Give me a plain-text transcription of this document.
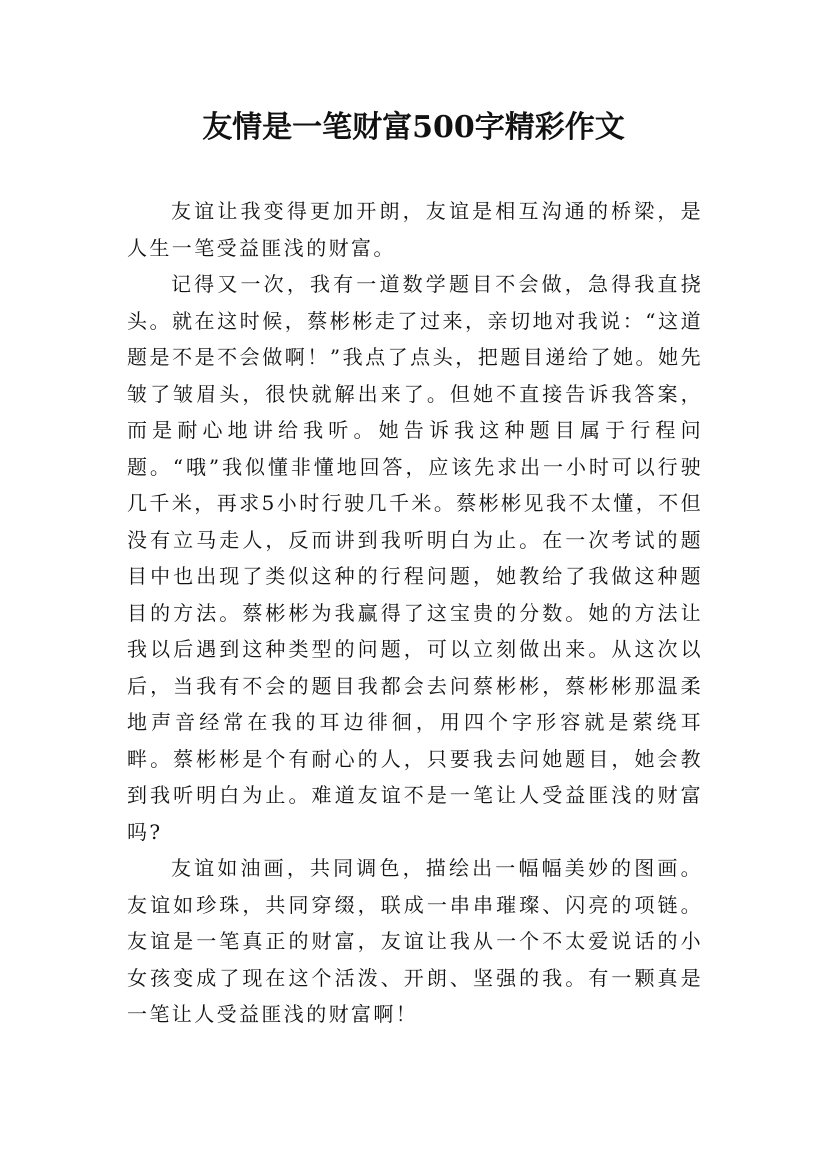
友情是一笔财富500字精彩作文

友谊让我变得更加开朗，友谊是相互沟通的桥梁，是人生一笔受益匪浅的财富。

记得又一次，我有一道数学题目不会做，急得我直挠头。就在这时候，蔡彬彬走了过来，亲切地对我说：“这道题是不是不会做啊！”我点了点头，把题目递给了她。她先皱了皱眉头，很快就解出来了。但她不直接告诉我答案，而是耐心地讲给我听。她告诉我这种题目属于行程问题。“哦”我似懂非懂地回答，应该先求出一小时可以行驶几千米，再求5小时行驶几千米。蔡彬彬见我不太懂，不但没有立马走人，反而讲到我听明白为止。在一次考试的题目中也出现了类似这种的行程问题，她教给了我做这种题目的方法。蔡彬彬为我赢得了这宝贵的分数。她的方法让我以后遇到这种类型的问题，可以立刻做出来。从这次以后，当我有不会的题目我都会去问蔡彬彬，蔡彬彬那温柔地声音经常在我的耳边徘徊，用四个字形容就是萦绕耳畔。蔡彬彬是个有耐心的人，只要我去问她题目，她会教到我听明白为止。难道友谊不是一笔让人受益匪浅的财富吗?

友谊如油画，共同调色，描绘出一幅幅美妙的图画。友谊如珍珠，共同穿缀，联成一串串璀璨、闪亮的项链。友谊是一笔真正的财富，友谊让我从一个不太爱说话的小女孩变成了现在这个活泼、开朗、坚强的我。有一颗真是一笔让人受益匪浅的财富啊！
